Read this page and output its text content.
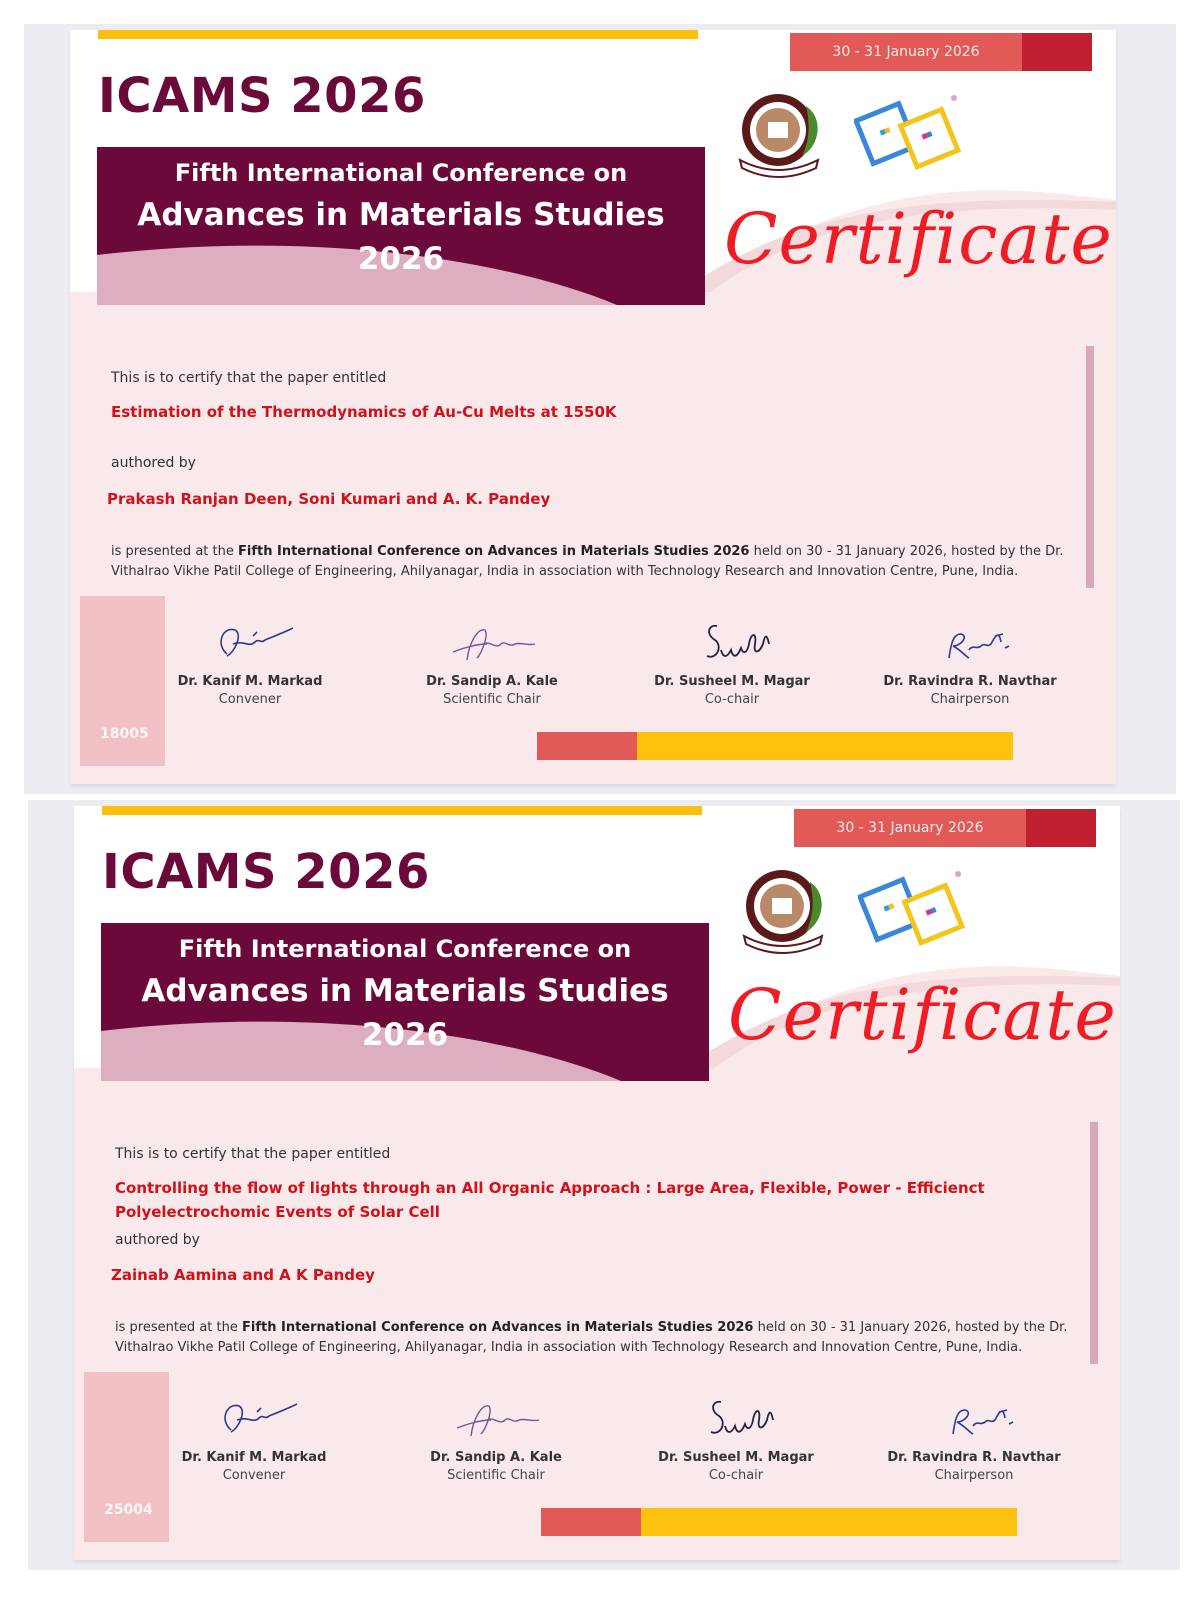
30 - 31 January 2026
ICAMS 2026
Fifth International Conference on
Advances in Materials Studies
2026	Certificate
This is to certify that the paper entitled
Estimation of the Thermodynamics of Au-Cu Melts at 1550K
authored by
Prakash Ranjan Deen, Soni Kumari and A. K. Pandey
is presented at the Fifth International Conference on Advances in Materials Studies 2026 held on 30 - 31 January 2026, hosted by the Dr. Vithalrao Vikhe Patil College of Engineering, Ahilyanagar, India in association with Technology Research and Innovation Centre, Pune, India.
18005
Dr. Kanif M. Markad
Convener
Dr. Sandip A. Kale
Scientific Chair
Dr. Susheel M. Magar
Co-chair
Dr. Ravindra R. Navthar
Chairperson
30 - 31 January 2026
ICAMS 2026
Fifth International Conference on
Advances in Materials Studies
2026	Certificate
This is to certify that the paper entitled
Controlling the flow of lights through an All Organic Approach : Large Area, Flexible, Power - Efficienct Polyelectrochomic Events of Solar Cell
authored by
Zainab Aamina and A K Pandey
is presented at the Fifth International Conference on Advances in Materials Studies 2026 held on 30 - 31 January 2026, hosted by the Dr. Vithalrao Vikhe Patil College of Engineering, Ahilyanagar, India in association with Technology Research and Innovation Centre, Pune, India.
25004
Dr. Kanif M. Markad
Convener
Dr. Sandip A. Kale
Scientific Chair
Dr. Susheel M. Magar
Co-chair
Dr. Ravindra R. Navthar
Chairperson
